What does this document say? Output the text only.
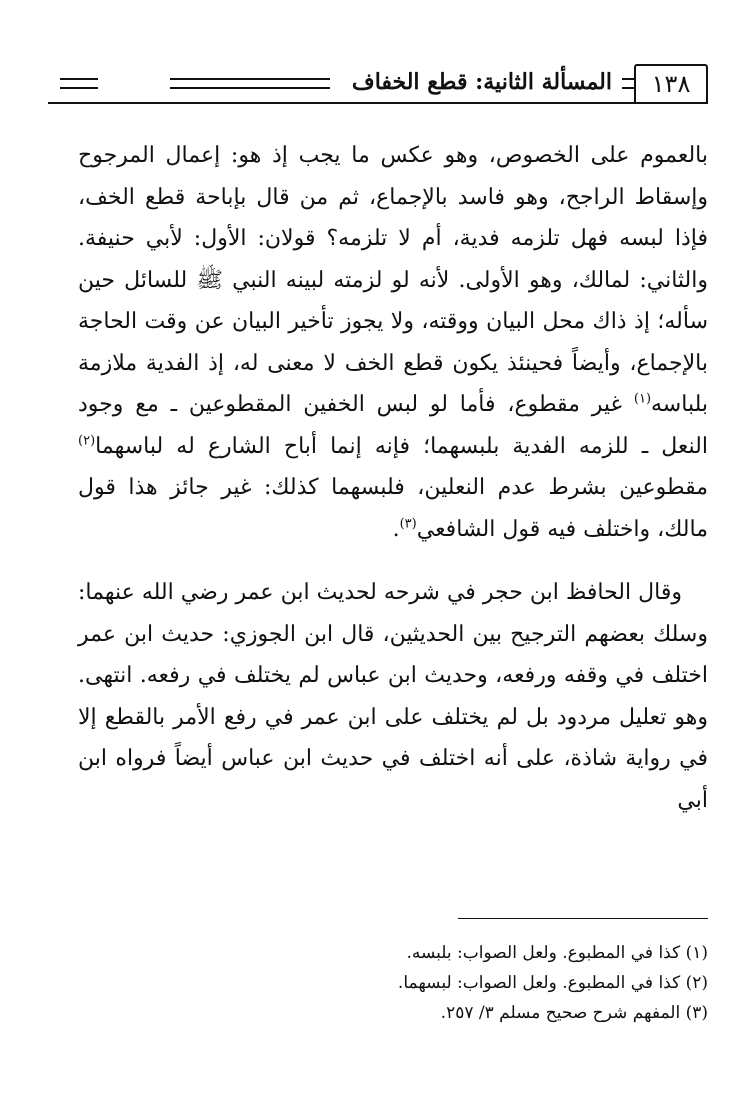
١٣٨
المسألة الثانية: قطع الخفاف

بالعموم على الخصوص، وهو عكس ما يجب إذ هو: إعمال المرجوح وإسقاط الراجح، وهو فاسد بالإجماع، ثم من قال بإباحة قطع الخف، فإذا لبسه فهل تلزمه فدية، أم لا تلزمه؟ قولان: الأول: لأبي حنيفة. والثاني: لمالك، وهو الأولى. لأنه لو لزمته لبينه النبي ﷺ للسائل حين سأله؛ إذ ذاك محل البيان ووقته، ولا يجوز تأخير البيان عن وقت الحاجة بالإجماع، وأيضاً فحينئذ يكون قطع الخف لا معنى له، إذ الفدية ملازمة بلباسه$^{(١)}$ غير مقطوع، فأما لو لبس الخفين المقطوعين ـ مع وجود النعل ـ للزمه الفدية بلبسهما؛ فإنه إنما أباح الشارع له لباسهما$^{(٢)}$ مقطوعين بشرط عدم النعلين، فلبسهما كذلك: غير جائز هذا قول مالك، واختلف فيه قول الشافعي$^{(٣)}$.

وقال الحافظ ابن حجر في شرحه لحديث ابن عمر رضي الله عنهما: وسلك بعضهم الترجيح بين الحديثين، قال ابن الجوزي: حديث ابن عمر اختلف في وقفه ورفعه، وحديث ابن عباس لم يختلف في رفعه. انتهى. وهو تعليل مردود بل لم يختلف على ابن عمر في رفع الأمر بالقطع إلا في رواية شاذة، على أنه اختلف في حديث ابن عباس أيضاً فرواه ابن أبي

(١) كذا في المطبوع. ولعل الصواب: بلبسه.
(٢) كذا في المطبوع. ولعل الصواب: لبسهما.
(٣) المفهم شرح صحيح مسلم ٣/ ٢٥٧.
